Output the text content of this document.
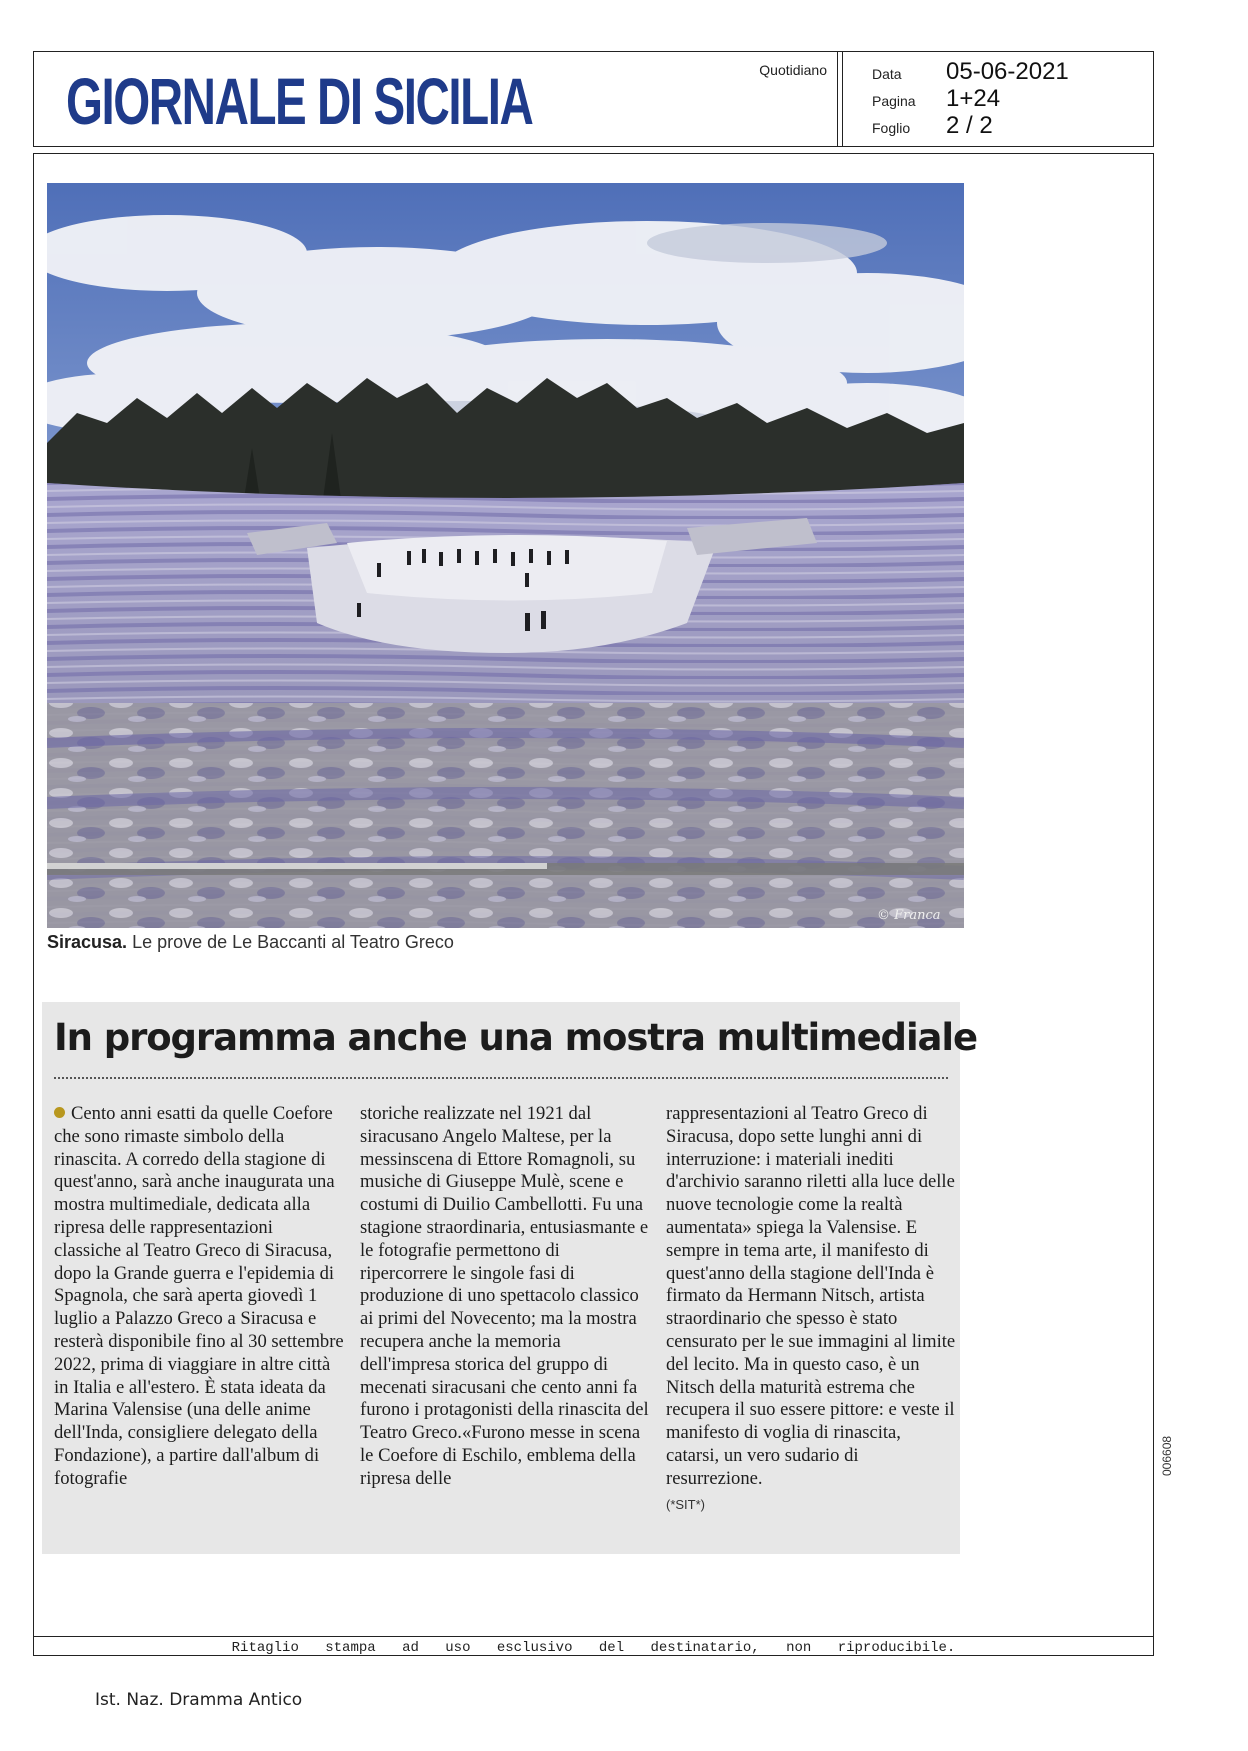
GIORNALE DI SICILIA	Quotidiano	Data 05-06-2021
Pagina 1+24
Foglio 2 / 2
© Franca
Siracusa. Le prove de Le Baccanti al Teatro Greco
In programma anche una mostra multimediale

Cento anni esatti da quelle Coefore che sono rimaste simbolo della rinascita. A corredo della stagione di quest'anno, sarà anche inaugurata una mostra multimediale, dedicata alla ripresa delle rappresentazioni classiche al Teatro Greco di Siracusa, dopo la Grande guerra e l'epidemia di Spagnola, che sarà aperta giovedì 1 luglio a Palazzo Greco a Siracusa e resterà disponibile fino al 30 settembre 2022, prima di viaggiare in altre città in Italia e all'estero. È stata ideata da Marina Valensise (una delle anime dell'Inda, consigliere delegato della Fondazione), a partire dall'album di fotografie

storiche realizzate nel 1921 dal siracusano Angelo Maltese, per la messinscena di Ettore Romagnoli, su musiche di Giuseppe Mulè, scene e costumi di Duilio Cambellotti. Fu una stagione straordinaria, entusiasmante e le fotografie permettono di ripercorrere le singole fasi di produzione di uno spettacolo classico ai primi del Novecento; ma la mostra recupera anche la memoria dell'impresa storica del gruppo di mecenati siracusani che cento anni fa furono i protagonisti della rinascita del Teatro Greco.«Furono messe in scena le Coefore di Eschilo, emblema della ripresa delle

rappresentazioni al Teatro Greco di Siracusa, dopo sette lunghi anni di interruzione: i materiali inediti d'archivio saranno riletti alla luce delle nuove tecnologie come la realtà aumentata» spiega la Valensise. E sempre in tema arte, il manifesto di quest'anno della stagione dell'Inda è firmato da Hermann Nitsch, artista straordinario che spesso è stato censurato per le sue immagini al limite del lecito. Ma in questo caso, è un Nitsch della maturità estrema che recupera il suo essere pittore: e veste il manifesto di voglia di rinascita, catarsi, un vero sudario di resurrezione.

(*SIT*)
006608
Ritaglio stampa ad uso esclusivo del destinatario, non riproducibile.
Ist. Naz. Dramma Antico
